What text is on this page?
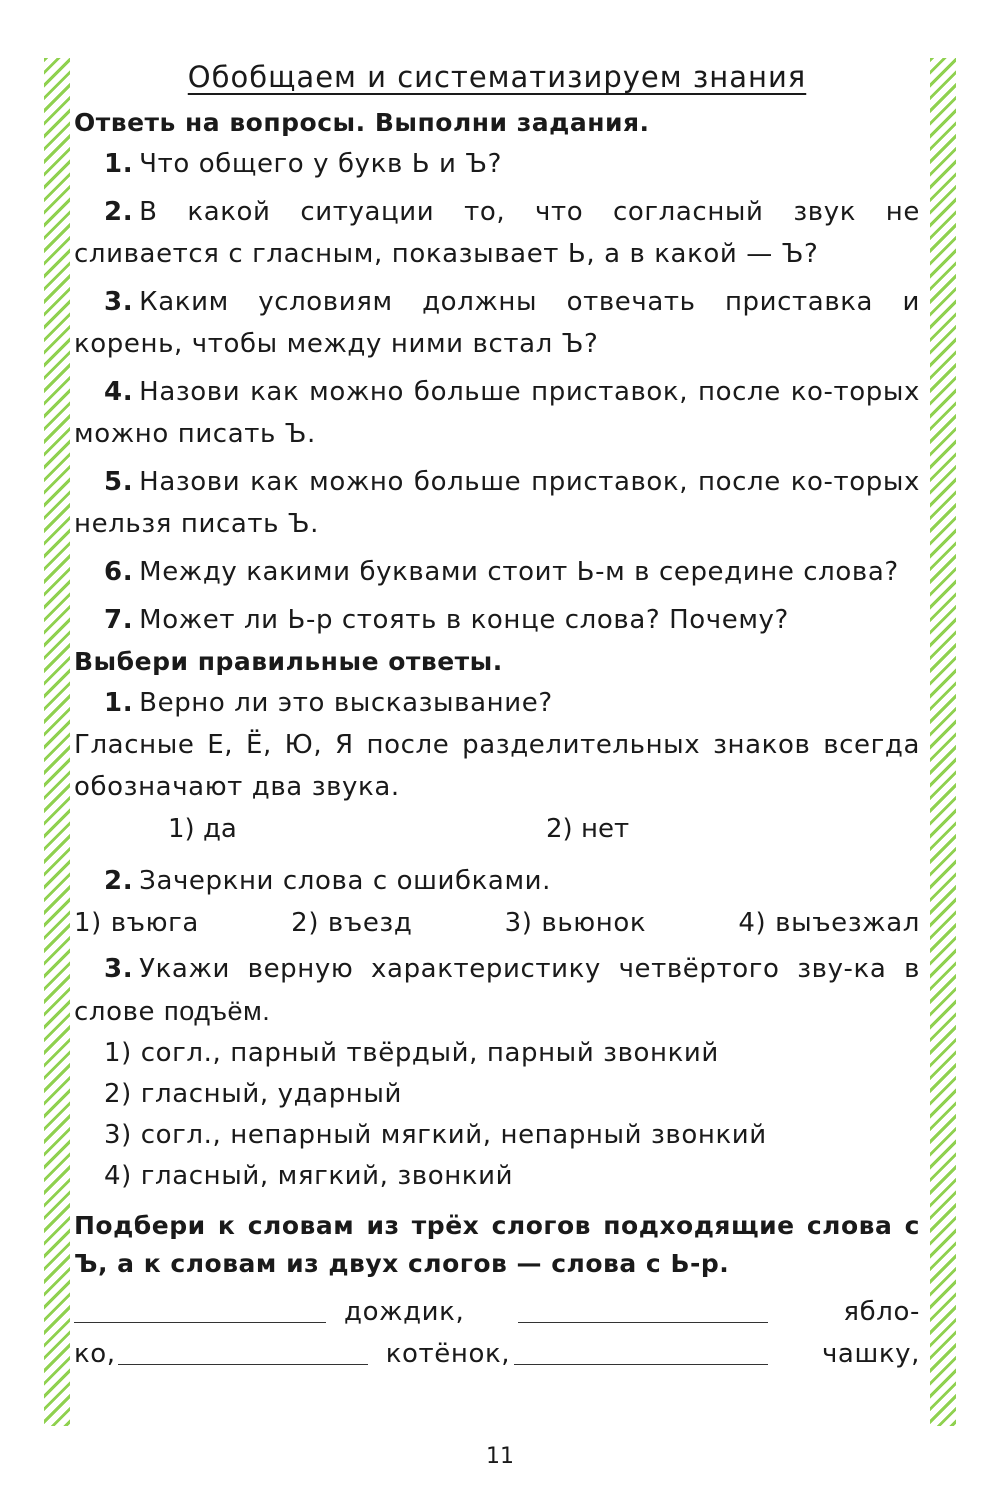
Обобщаем и систематизируем знания
Ответь на вопросы. Выполни задания.
1. Что общего у букв Ь и Ъ?
2. В какой ситуации то, что согласный звук не сливается с гласным, показывает Ь, а в какой — Ъ?
3. Каким условиям должны отвечать приставка и корень, чтобы между ними встал Ъ?
4. Назови как можно больше приставок, после ко-торых можно писать Ъ.
5. Назови как можно больше приставок, после ко-торых нельзя писать Ъ.
6. Между какими буквами стоит Ь-м в середине слова?
7. Может ли Ь-р стоять в конце слова? Почему?
Выбери правильные ответы.
1. Верно ли это высказывание?
Гласные Е, Ё, Ю, Я после разделительных знаков всегда обозначают два звука.
1) да	2) нет
2. Зачеркни слова с ошибками.
1) въюга	2) въезд	3) вьюнок	4) выъезжал
3. Укажи верную характеристику четвёртого зву-ка в слове подъём.
1) согл., парный твёрдый, парный звонкий
2) гласный, ударный
3) согл., непарный мягкий, непарный звонкий
4) гласный, мягкий, звонкий
Подбери к словам из трёх слогов подходящие слова с Ъ, а к словам из двух слогов — слова с Ь-р.
дождик,	ябло-
ко,	котёнок,	чашку,
11
